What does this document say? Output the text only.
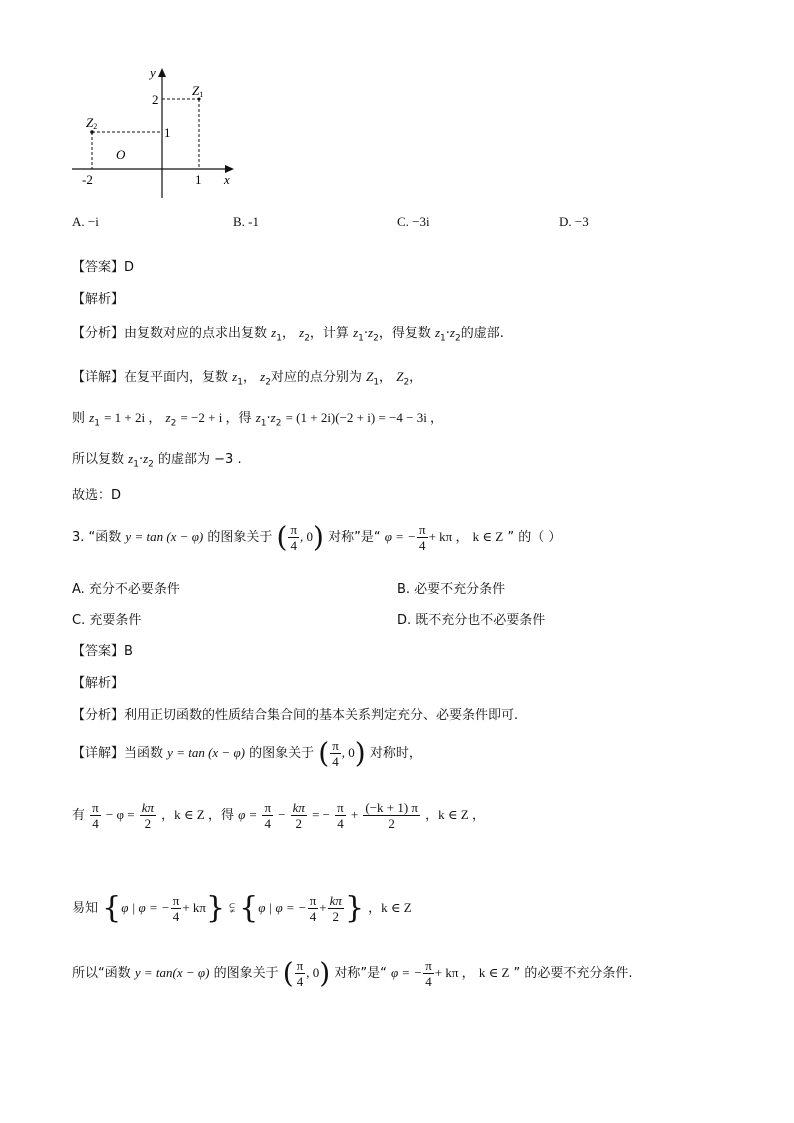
y
x
O
2
1
-2	1
Z1
Z2
A. −i	B. -1	C. −3i	D. −3
【答案】D
【解析】
【分析】由复数对应的点求出复数 $z_1$， $z_2$，计算 $z_1\cdot z_2$，得复数 $z_1\cdot z_2$的虚部.
【详解】在复平面内，复数 $z_1$， $z_2$对应的点分别为 $Z_1$， $Z_2$，
则 $z_1 = 1 + 2i$ ， $z_2 = -2 + i$ ，得 $z_1\cdot z_2 = (1 + 2i)(-2 + i) = -4 - 3i$ ，
所以复数 $z_1\cdot z_2$ 的虚部为 −3 .
故选：D
3. “函数 y = tan (x − φ) 的图象关于 ( $\frac{\pi}{4}$ , 0) 对称”是“ φ = − $\frac{\pi}{4} + k\pi$ ， k ∈ Z ” 的（ ）
A. 充分不必要条件	B. 必要不充分条件
C. 充要条件	D. 既不充分也不必要条件
【答案】B
【解析】
【分析】利用正切函数的性质结合集合间的基本关系判定充分、必要条件即可.
【详解】当函数 y = tan (x − φ) 的图象关于 ( $\frac{\pi}{4}$ , 0) 对称时，
有 $\frac{\pi}{4} - \varphi = \frac{k\pi}{2}$ ，k ∈ Z ，得 $\varphi = \frac{\pi}{4} - \frac{k\pi}{2}$ = − $\frac{\pi}{4} + \frac{(-k + 1) \pi}{2}$ ，k ∈ Z ，
易知 {φ | φ = − $\frac{\pi}{4} + k\pi$} ⫋ {φ | φ = − $\frac{\pi}{4} + \frac{k\pi}{2}$ } ，k ∈ Z
所以“函数 y = tan(x − φ) 的图象关于 ( $\frac{\pi}{4}$ , 0) 对称”是“ φ = − $\frac{\pi}{4} + k\pi$ ， k ∈ Z ” 的必要不充分条件.
